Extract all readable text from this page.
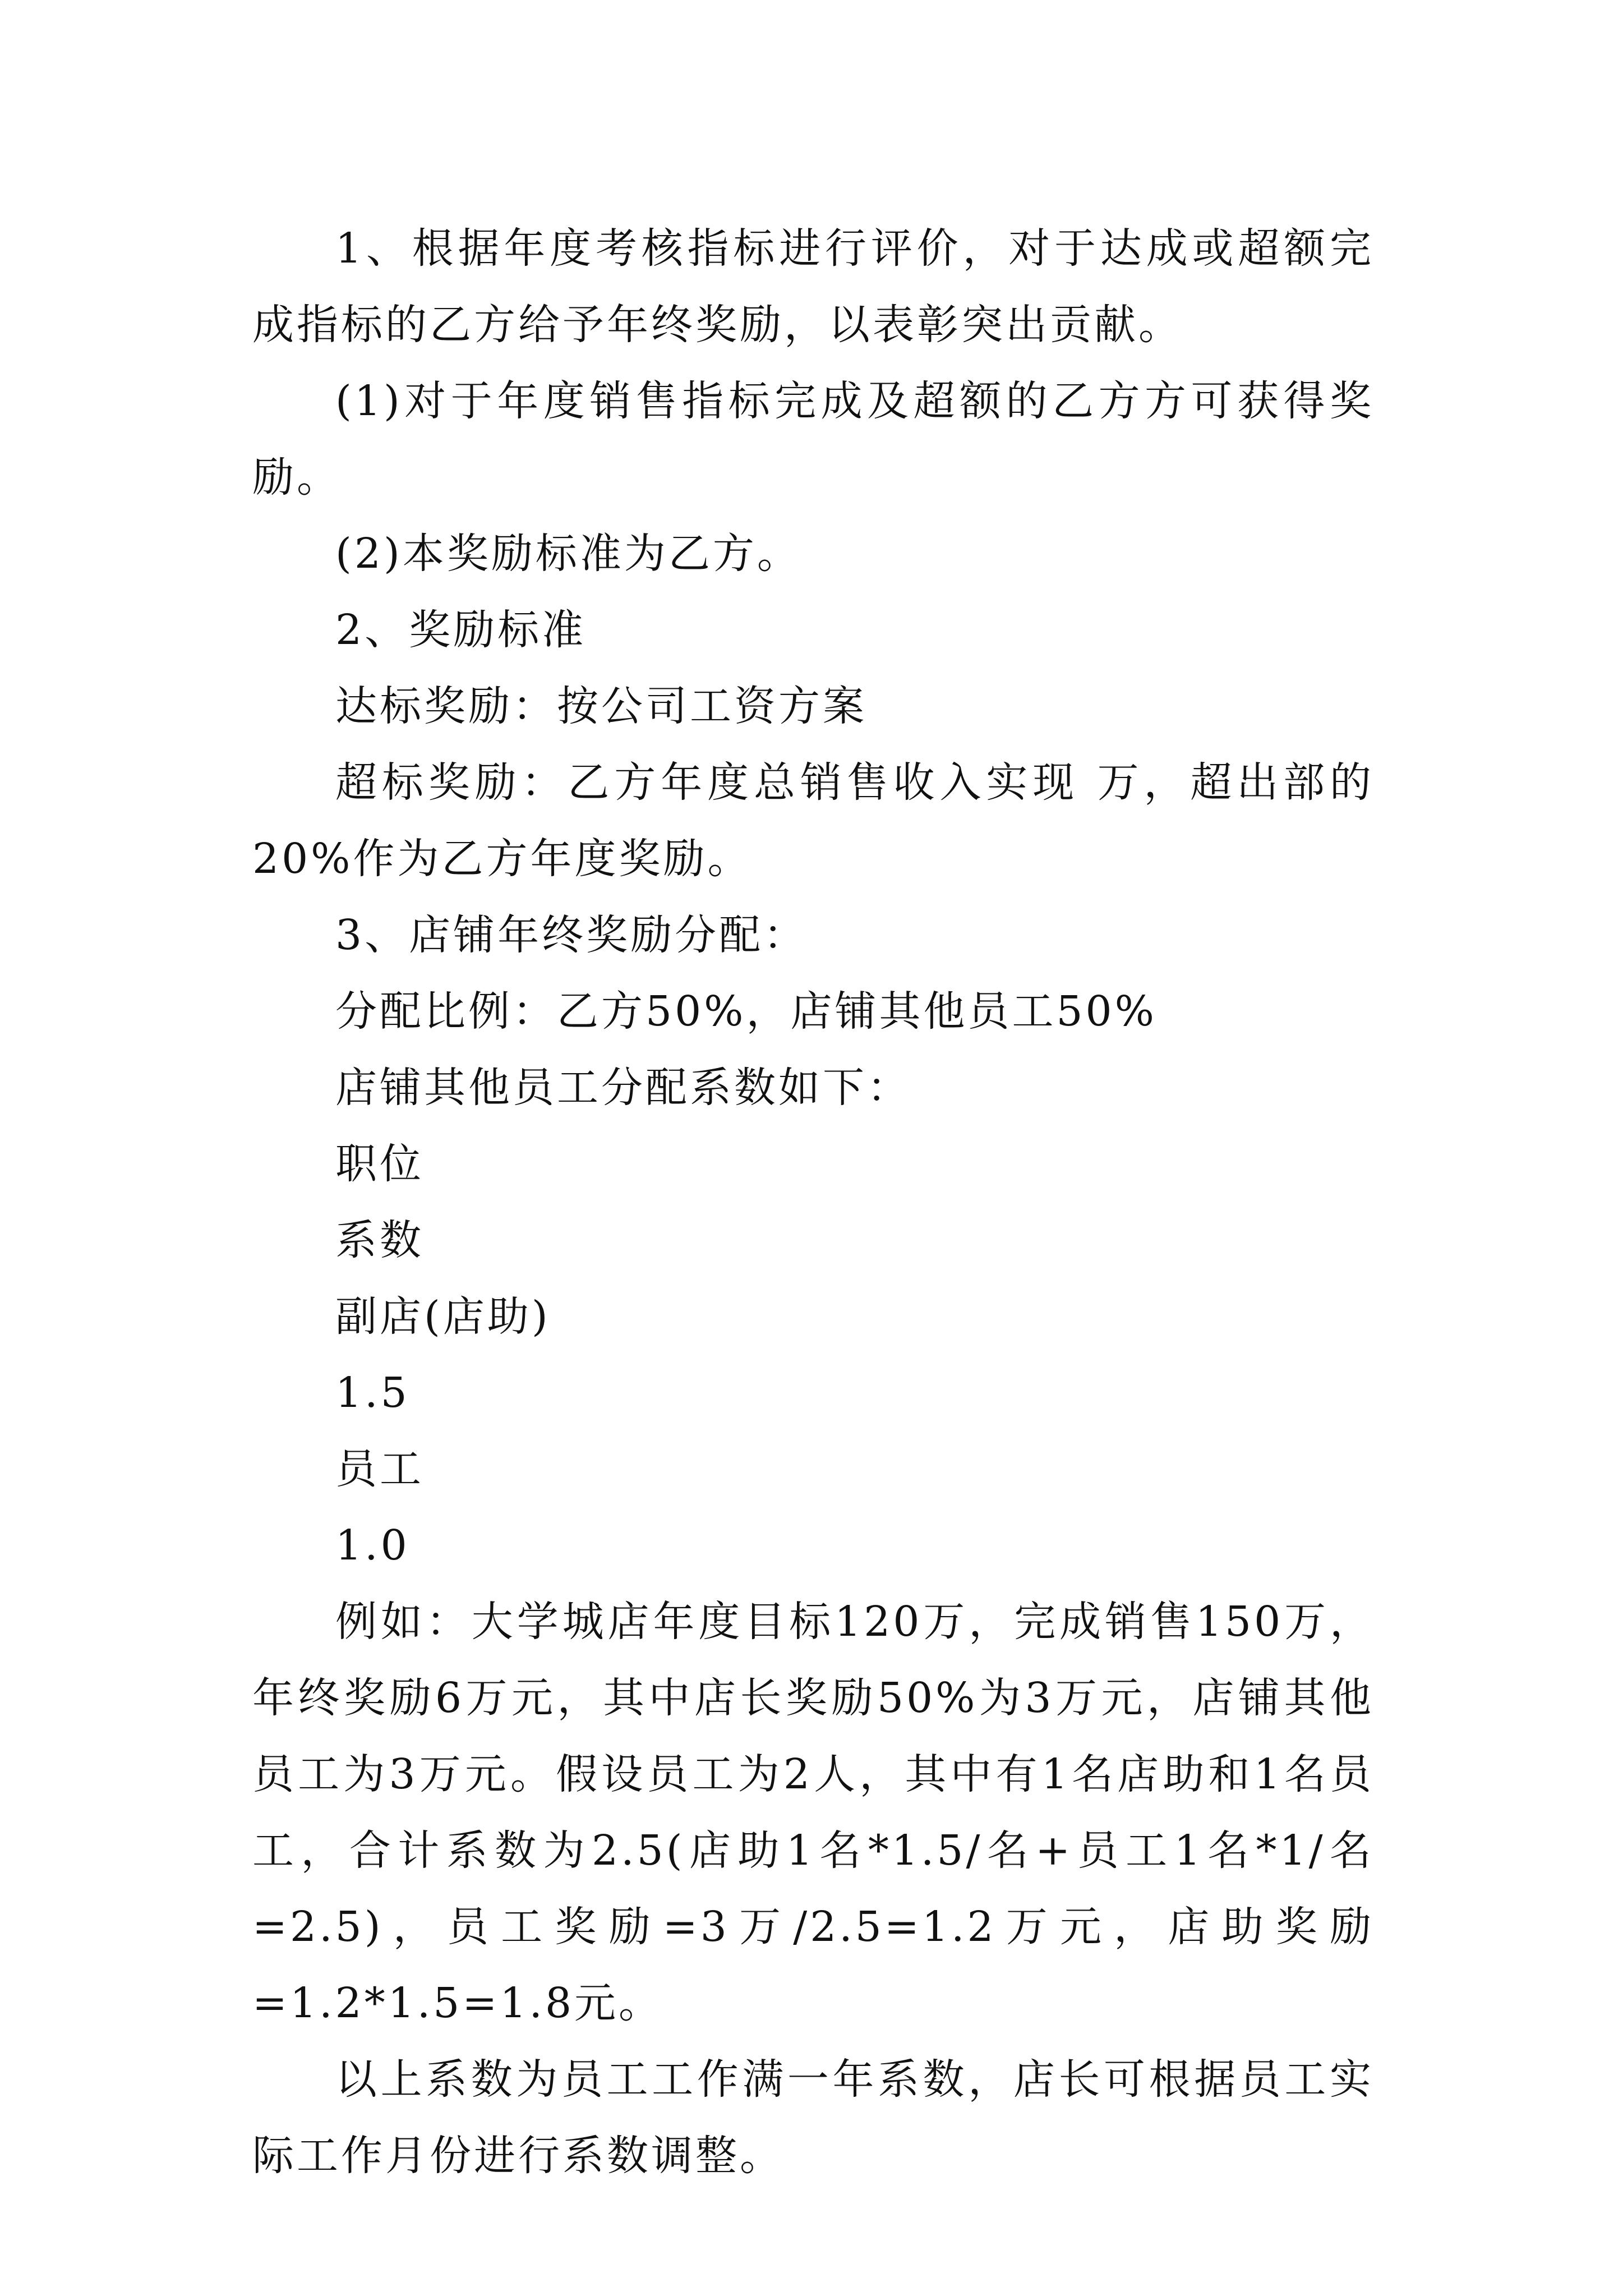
1、根据年度考核指标进行评价，对于达成或超额完成指标的乙方给予年终奖励，以表彰突出贡献。

(1)对于年度销售指标完成及超额的乙方方可获得奖励。

(2)本奖励标准为乙方。

2、奖励标准

达标奖励：按公司工资方案

超标奖励：乙方年度总销售收入实现 万，超出部的20%作为乙方年度奖励。

3、店铺年终奖励分配：

分配比例：乙方50%，店铺其他员工50%

店铺其他员工分配系数如下：

职位

系数

副店(店助)

1.5

员工

1.0

例如：大学城店年度目标120万，完成销售150万，年终奖励6万元，其中店长奖励50%为3万元，店铺其他员工为3万元。假设员工为2人，其中有1名店助和1名员工，合计系数为2.5(店助1名*1.5/名+员工1名*1/名=2.5)，员工奖励=3万/2.5=1.2万元，店助奖励=1.2*1.5=1.8元。

以上系数为员工工作满一年系数，店长可根据员工实际工作月份进行系数调整。
